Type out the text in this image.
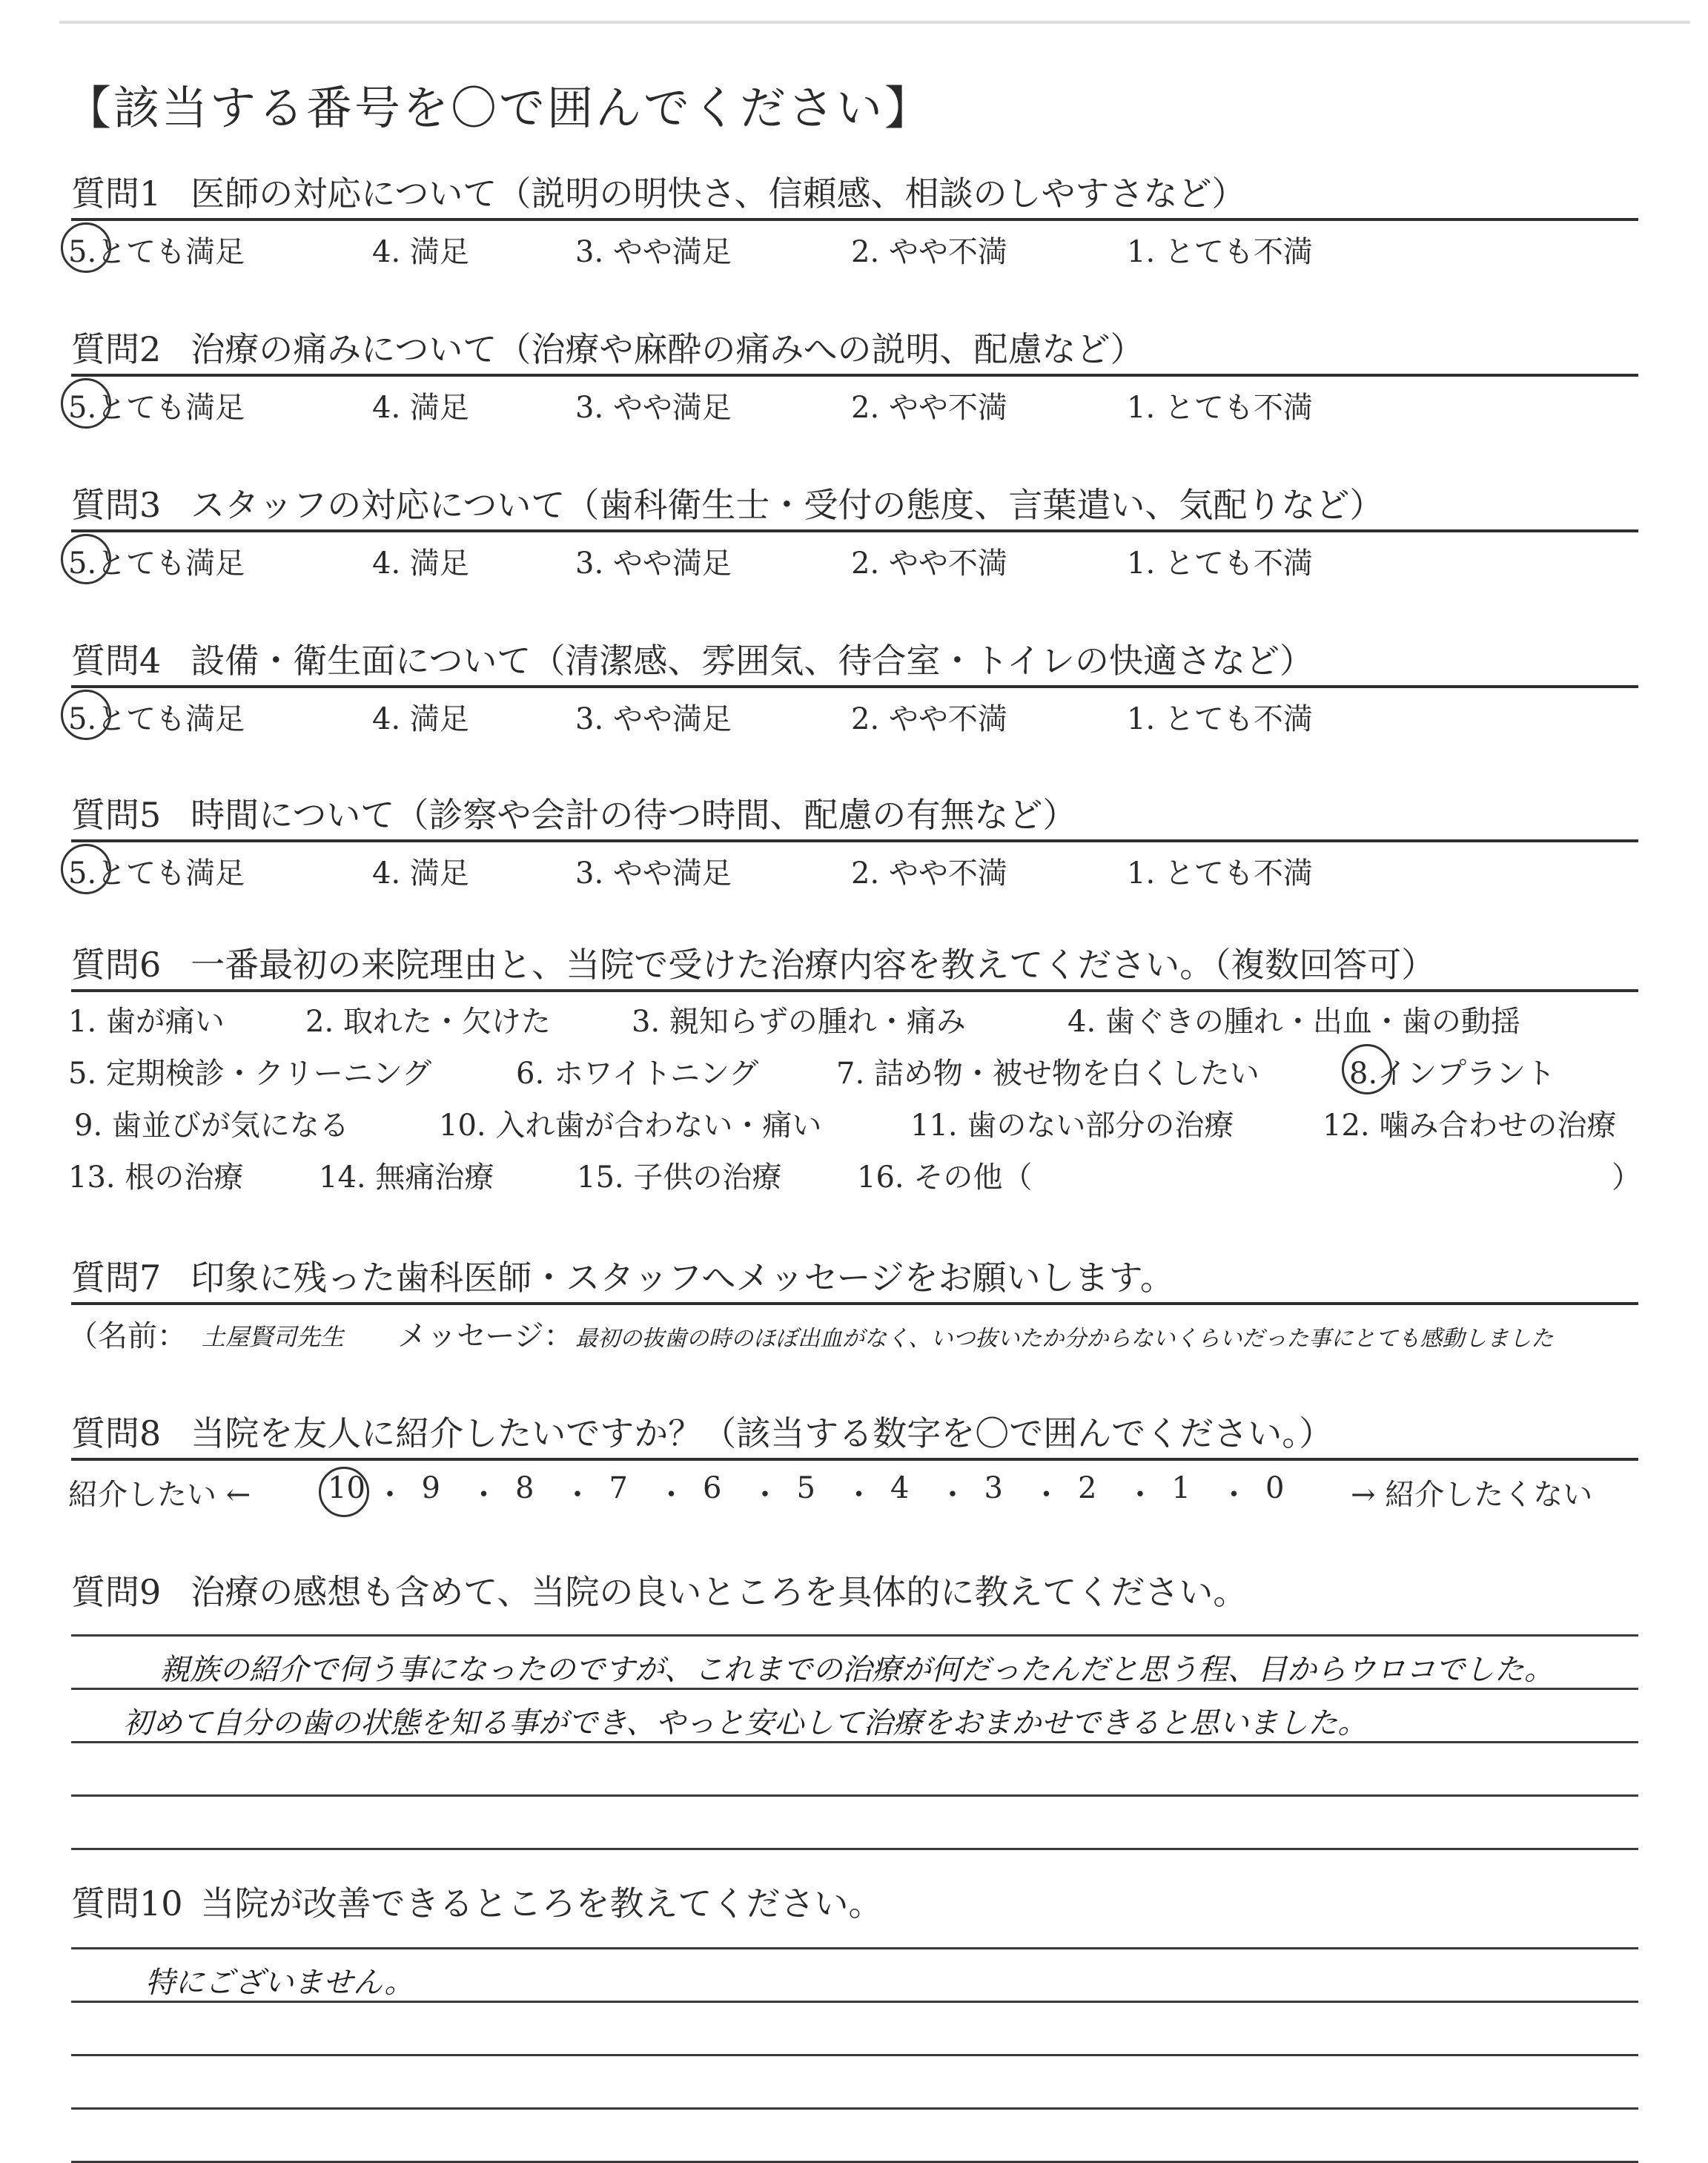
【該当する番号を〇で囲んでください】
質問1 医師の対応について（説明の明快さ、信頼感、相談のしやすさなど）
5.とても満足	4. 満足	3. やや満足	2. やや不満	1. とても不満
質問2 治療の痛みについて（治療や麻酔の痛みへの説明、配慮など）
5.とても満足	4. 満足	3. やや満足	2. やや不満	1. とても不満
質問3 スタッフの対応について（歯科衛生士・受付の態度、言葉遣い、気配りなど）
5.とても満足	4. 満足	3. やや満足	2. やや不満	1. とても不満
質問4 設備・衛生面について（清潔感、雰囲気、待合室・トイレの快適さなど）
5.とても満足	4. 満足	3. やや満足	2. やや不満	1. とても不満
質問5 時間について（診察や会計の待つ時間、配慮の有無など）
5.とても満足	4. 満足	3. やや満足	2. やや不満	1. とても不満
質問6 一番最初の来院理由と、当院で受けた治療内容を教えてください。（複数回答可）
1. 歯が痛い	2. 取れた・欠けた	3. 親知らずの腫れ・痛み	4. 歯ぐきの腫れ・出血・歯の動揺
5. 定期検診・クリーニング	6. ホワイトニング	7. 詰め物・被せ物を白くしたい	8.インプラント
9. 歯並びが気になる	10. 入れ歯が合わない・痛い	11. 歯のない部分の治療	12. 噛み合わせの治療
13. 根の治療	14. 無痛治療	15. 子供の治療	16. その他（	）
質問7 印象に残った歯科医師・スタッフへメッセージをお願いします。
（名前： 土屋賢司先生 メッセージ： 最初の抜歯の時のほぼ出血がなく、いつ抜いたか分からないくらいだった事にとても感動しました
質問8 当院を友人に紹介したいですか？（該当する数字を〇で囲んでください。）
紹介したい ←	→ 紹介したくない
10 ・ 9 ・ 8 ・ 7 ・ 6 ・ 5 ・ 4 ・ 3 ・ 2 ・ 1 ・ 0
質問9 治療の感想も含めて、当院の良いところを具体的に教えてください。
親族の紹介で伺う事になったのですが、これまでの治療が何だったんだと思う程、目からウロコでした。
初めて自分の歯の状態を知る事ができ、やっと安心して治療をおまかせできると思いました。
質問10 当院が改善できるところを教えてください。
特にございません。
